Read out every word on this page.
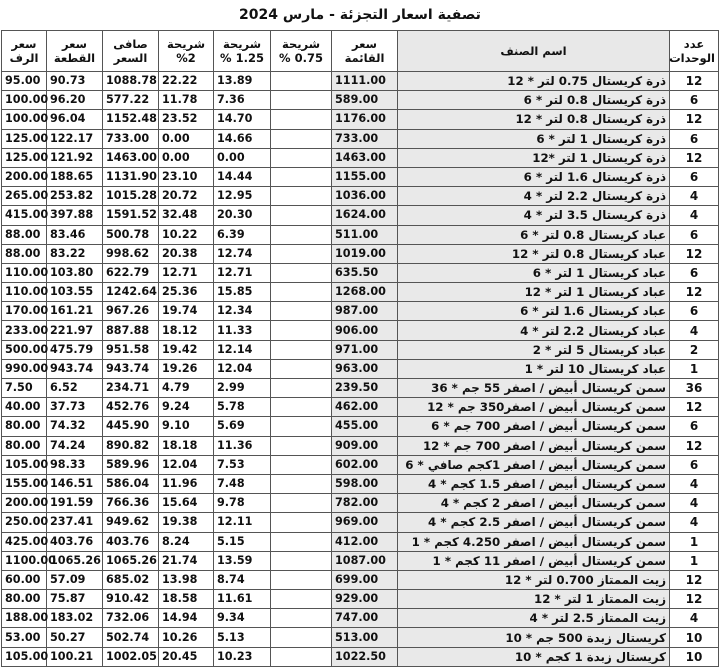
تصفية اسعار التجزئة - مارس 2024
عدد الوحدات	اسم الصنف	سعر القائمة	شريحة 0.75 %	شريحة 1.25 %	شريحة 2%	صافى السعر	سعر القطعة	سعر الرف
12	ذرة كريستال 0.75 لتر * 12	1111.00		13.89	22.22	1088.78	90.73	95.00
6	ذرة كريستال 0.8 لتر * 6	589.00		7.36	11.78	577.22	96.20	100.00
12	ذرة كريستال 0.8 لتر * 12	1176.00		14.70	23.52	1152.48	96.04	100.00
6	ذرة كريستال 1 لتر * 6	733.00		14.66	0.00	733.00	122.17	125.00
12	ذرة كريستال 1 لتر *12	1463.00		0.00	0.00	1463.00	121.92	125.00
6	ذرة كريستال 1.6 لتر * 6	1155.00		14.44	23.10	1131.90	188.65	200.00
4	ذرة كريستال 2.2 لتر * 4	1036.00		12.95	20.72	1015.28	253.82	265.00
4	ذرة كريستال 3.5 لتر * 4	1624.00		20.30	32.48	1591.52	397.88	415.00
6	عباد كريستال 0.8 لتر * 6	511.00		6.39	10.22	500.78	83.46	88.00
12	عباد كريستال 0.8 لتر * 12	1019.00		12.74	20.38	998.62	83.22	88.00
6	عباد كريستال 1 لتر * 6	635.50		12.71	12.71	622.79	103.80	110.00
12	عباد كريستال 1 لتر * 12	1268.00		15.85	25.36	1242.64	103.55	110.00
6	عباد كريستال 1.6 لتر * 6	987.00		12.34	19.74	967.26	161.21	170.00
4	عباد كريستال 2.2 لتر * 4	906.00		11.33	18.12	887.88	221.97	233.00
2	عباد كريستال 5 لتر * 2	971.00		12.14	19.42	951.58	475.79	500.00
1	عباد كريستال 10 لتر * 1	963.00		12.04	19.26	943.74	943.74	990.00
36	سمن كريستال أبيض / اصفر 55 جم * 36	239.50		2.99	4.79	234.71	6.52	7.50
12	سمن كريستال أبيض / اصفر350 جم * 12	462.00		5.78	9.24	452.76	37.73	40.00
6	سمن كريستال أبيض / اصفر 700 جم * 6	455.00		5.69	9.10	445.90	74.32	80.00
12	سمن كريستال أبيض / اصفر 700 جم * 12	909.00		11.36	18.18	890.82	74.24	80.00
6	سمن كريستال أبيض / اصفر 1كجم صافي * 6	602.00		7.53	12.04	589.96	98.33	105.00
4	سمن كريستال أبيض / اصفر 1.5 كجم * 4	598.00		7.48	11.96	586.04	146.51	155.00
4	سمن كريستال أبيض / اصفر 2 كجم * 4	782.00		9.78	15.64	766.36	191.59	200.00
4	سمن كريستال أبيض / اصفر 2.5 كجم * 4	969.00		12.11	19.38	949.62	237.41	250.00
1	سمن كريستال أبيض / اصفر 4.250 كجم * 1	412.00		5.15	8.24	403.76	403.76	425.00
1	سمن كريستال أبيض / اصفر 11 كجم * 1	1087.00		13.59	21.74	1065.26	1065.26	1100.00
12	زيت الممتاز 0.700 لتر * 12	699.00		8.74	13.98	685.02	57.09	60.00
12	زيت الممتاز 1 لتر * 12	929.00		11.61	18.58	910.42	75.87	80.00
4	زيت الممتاز 2.5 لتر * 4	747.00		9.34	14.94	732.06	183.02	188.00
10	كريستال زبدة 500 جم * 10	513.00		5.13	10.26	502.74	50.27	53.00
10	كريستال زبدة 1 كجم * 10	1022.50		10.23	20.45	1002.05	100.21	105.00
